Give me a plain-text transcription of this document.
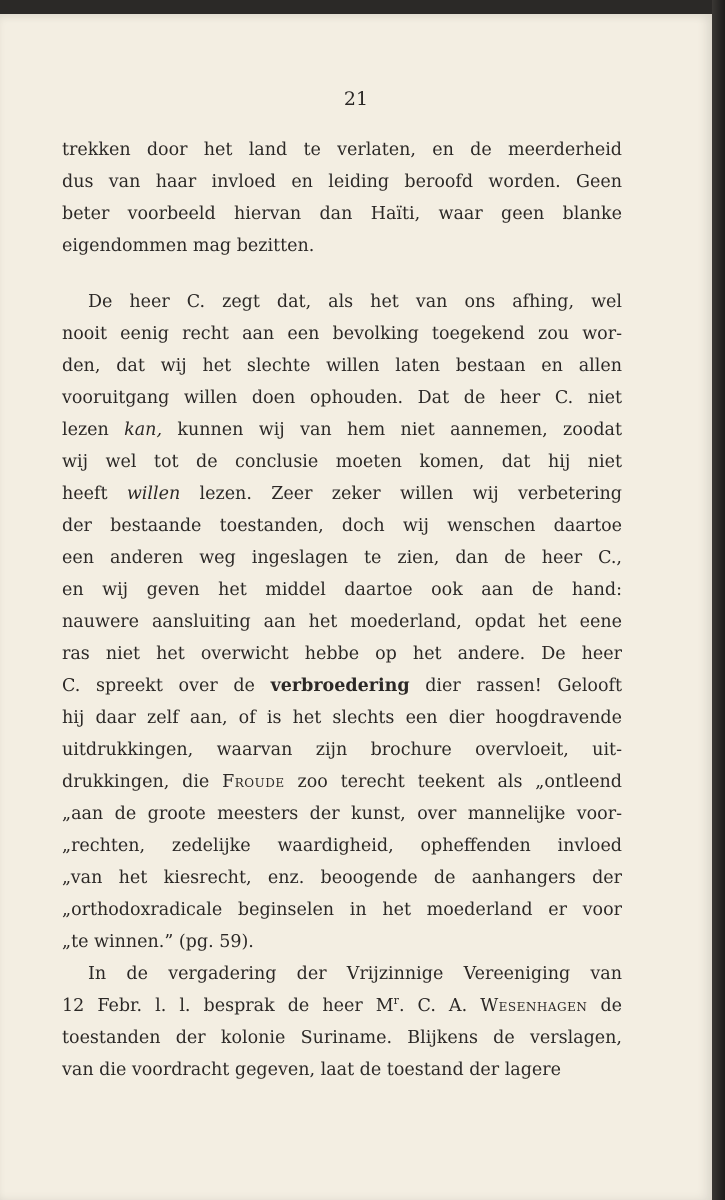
21
trekken door het land te verlaten, en de meerderheid
dus van haar invloed en leiding beroofd worden. Geen
beter voorbeeld hiervan dan Haïti, waar geen blanke
eigendommen mag bezitten.
De heer C. zegt dat, als het van ons afhing, wel
nooit eenig recht aan een bevolking toegekend zou wor-
den, dat wij het slechte willen laten bestaan en allen
vooruitgang willen doen ophouden. Dat de heer C. niet
lezen kan, kunnen wij van hem niet aannemen, zoodat
wij wel tot de conclusie moeten komen, dat hij niet
heeft willen lezen. Zeer zeker willen wij verbetering
der bestaande toestanden, doch wij wenschen daartoe
een anderen weg ingeslagen te zien, dan de heer C.,
en wij geven het middel daartoe ook aan de hand:
nauwere aansluiting aan het moederland, opdat het eene
ras niet het overwicht hebbe op het andere. De heer
C. spreekt over de verbroedering dier rassen! Gelooft
hij daar zelf aan, of is het slechts een dier hoogdravende
uitdrukkingen, waarvan zijn brochure overvloeit, uit-
drukkingen, die Froude zoo terecht teekent als „ontleend
„aan de groote meesters der kunst, over mannelijke voor-
„rechten, zedelijke waardigheid, opheffenden invloed
„van het kiesrecht, enz. beoogende de aanhangers der
„orthodoxradicale beginselen in het moederland er voor
„te winnen.” (pg. 59).
In de vergadering der Vrijzinnige Vereeniging van
12 Febr. l. l. besprak de heer $M^r$. C. A. Wesenhagen de
toestanden der kolonie Suriname. Blijkens de verslagen,
van die voordracht gegeven, laat de toestand der lagere
